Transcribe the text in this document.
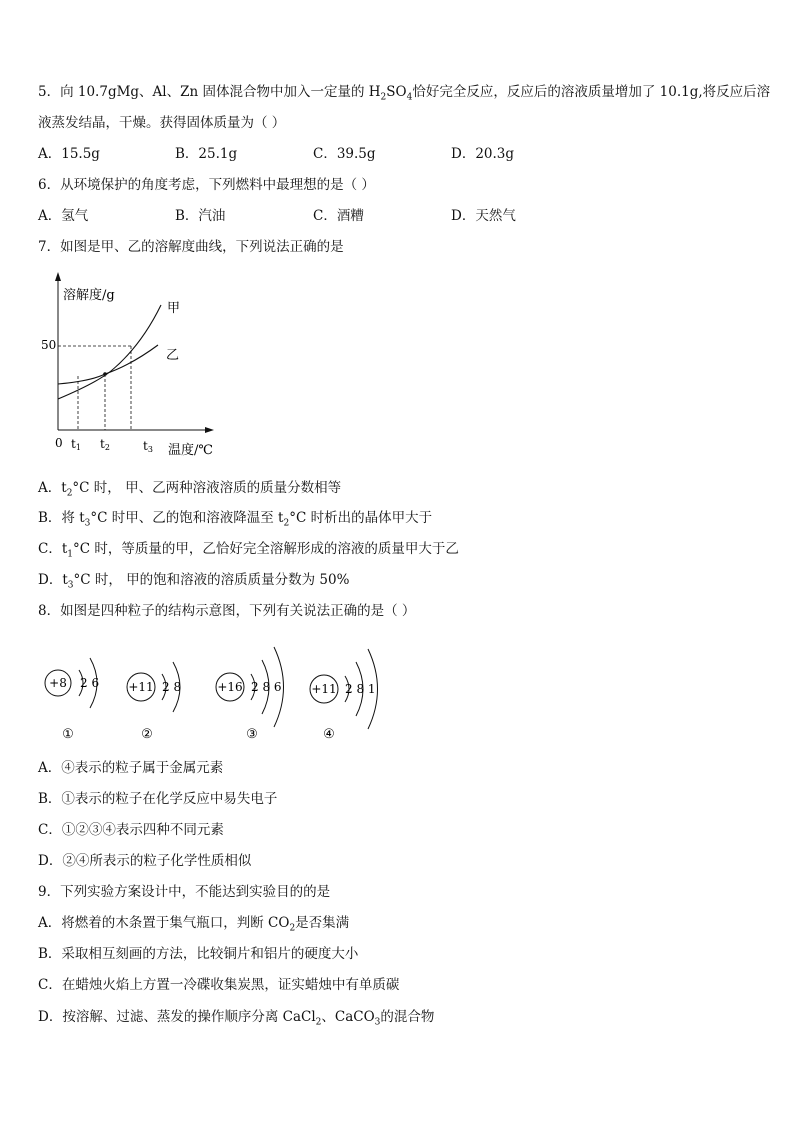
5．向 10.7gMg、Al、Zn 固体混合物中加入一定量的 $H_2SO_4$恰好完全反应，反应后的溶液质量增加了 10.1g,将反应后溶
液蒸发结晶，干燥。获得固体质量为（ ）
A．15.5g	B．25.1g	C．39.5g	D．20.3g
6．从环境保护的角度考虑，下列燃料中最理想的是（ ）
A．氢气	B．汽油	C．酒糟	D．天然气
7．如图是甲、乙的溶解度曲线，下列说法正确的是
溶解度/g
50
0 t1 t2	t3 温度/℃
甲
乙
A．$t_2^\circ C$ 时， 甲、乙两种溶液溶质的质量分数相等
B．将 $t_3^\circ C$ 时甲、乙的饱和溶液降温至 $t_2^\circ C$ 时析出的晶体甲大于
C．$t_1^\circ C$ 时，等质量的甲，乙恰好完全溶解形成的溶液的质量甲大于乙
D．$t_3^\circ C$ 时， 甲的饱和溶液的溶质质量分数为 50%
8．如图是四种粒子的结构示意图，下列有关说法正确的是（ ）
+8 2 6
①
+11 2 8
②
+16 2 8 6
③
+11 2 8 1
④
A．④表示的粒子属于金属元素
B．①表示的粒子在化学反应中易失电子
C．①②③④表示四种不同元素
D．②④所表示的粒子化学性质相似
9．下列实验方案设计中，不能达到实验目的的是
A．将燃着的木条置于集气瓶口，判断 $CO_2$是否集满
B．采取相互刻画的方法，比较铜片和铝片的硬度大小
C．在蜡烛火焰上方置一冷碟收集炭黑，证实蜡烛中有单质碳
D．按溶解、过滤、蒸发的操作顺序分离 CaCl$_2$、CaCO$_3$的混合物
